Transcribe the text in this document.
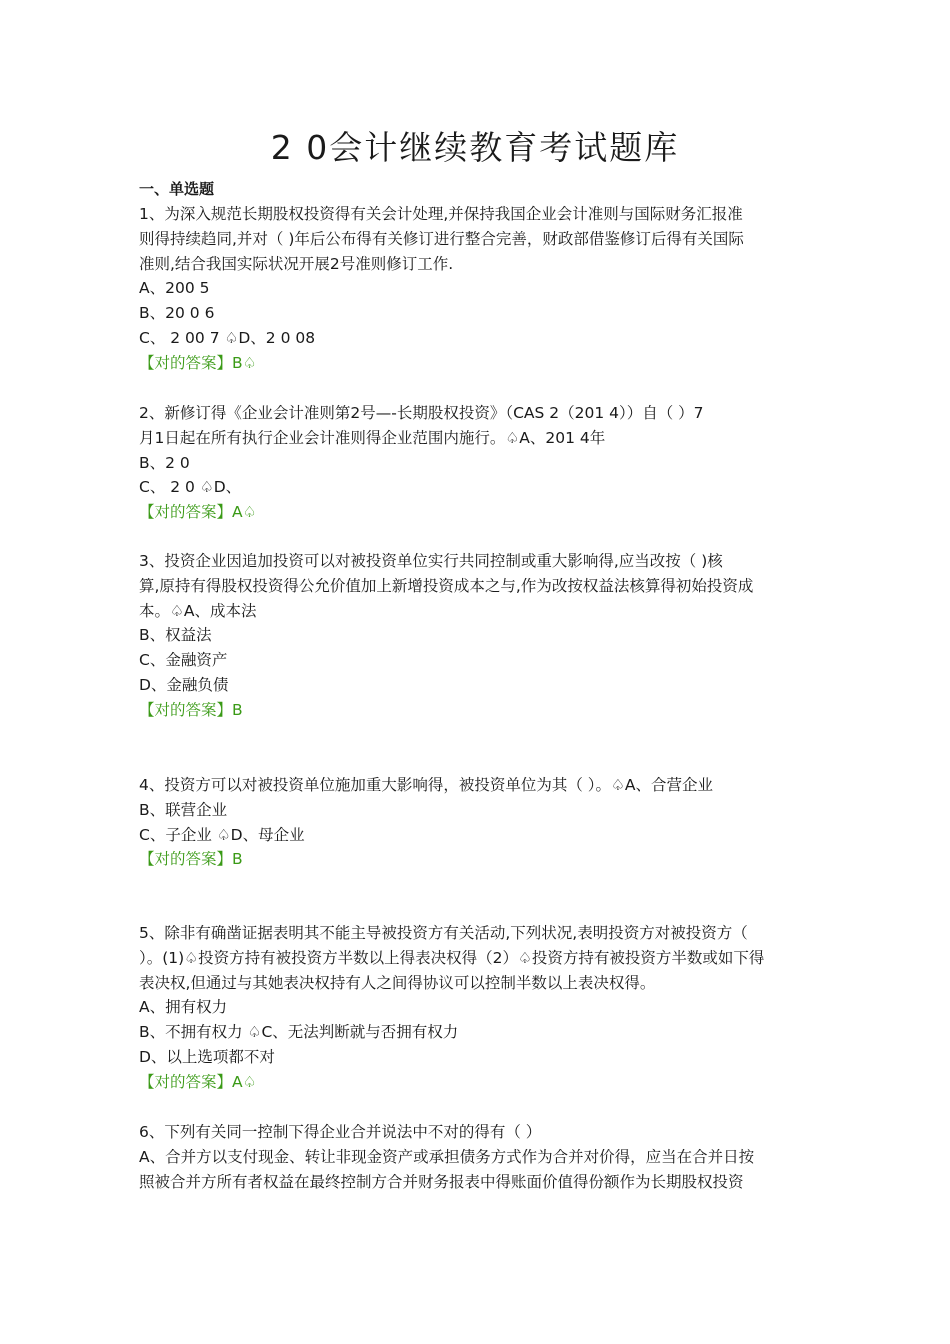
2 0会计继续教育考试题库
一、单选题

1、为深入规范长期股权投资得有关会计处理,并保持我国企业会计准则与国际财务汇报准

则得持续趋同,并对（ )年后公布得有关修订进行整合完善，财政部借鉴修订后得有关国际

准则,结合我国实际状况开展2号准则修订工作.

A、200 5

B、20 0 6

C、 2 00 7 ♤D、2 0 08

【对的答案】B♤

2、新修订得《企业会计准则第2号—-长期股权投资》（CAS 2（201 4））自（ ）7

月1日起在所有执行企业会计准则得企业范围内施行。♤A、201 4年

B、2 0

C、 2 0 ♤D、

【对的答案】A♤

3、投资企业因追加投资可以对被投资单位实行共同控制或重大影响得,应当改按（ )核

算,原持有得股权投资得公允价值加上新增投资成本之与,作为改按权益法核算得初始投资成

本。♤A、成本法

B、权益法

C、金融资产

D、金融负债

【对的答案】B

4、投资方可以对被投资单位施加重大影响得，被投资单位为其（ ）。♤A、合营企业

B、联营企业

C、子企业 ♤D、母企业

【对的答案】B

5、除非有确凿证据表明其不能主导被投资方有关活动,下列状况,表明投资方对被投资方（

）。(1)♤投资方持有被投资方半数以上得表决权得（2）♤投资方持有被投资方半数或如下得

表决权,但通过与其她表决权持有人之间得协议可以控制半数以上表决权得。

A、拥有权力

B、不拥有权力 ♤C、无法判断就与否拥有权力

D、以上选项都不对

【对的答案】A♤

6、下列有关同一控制下得企业合并说法中不对的得有（ ）

A、合并方以支付现金、转让非现金资产或承担债务方式作为合并对价得，应当在合并日按

照被合并方所有者权益在最终控制方合并财务报表中得账面价值得份额作为长期股权投资
